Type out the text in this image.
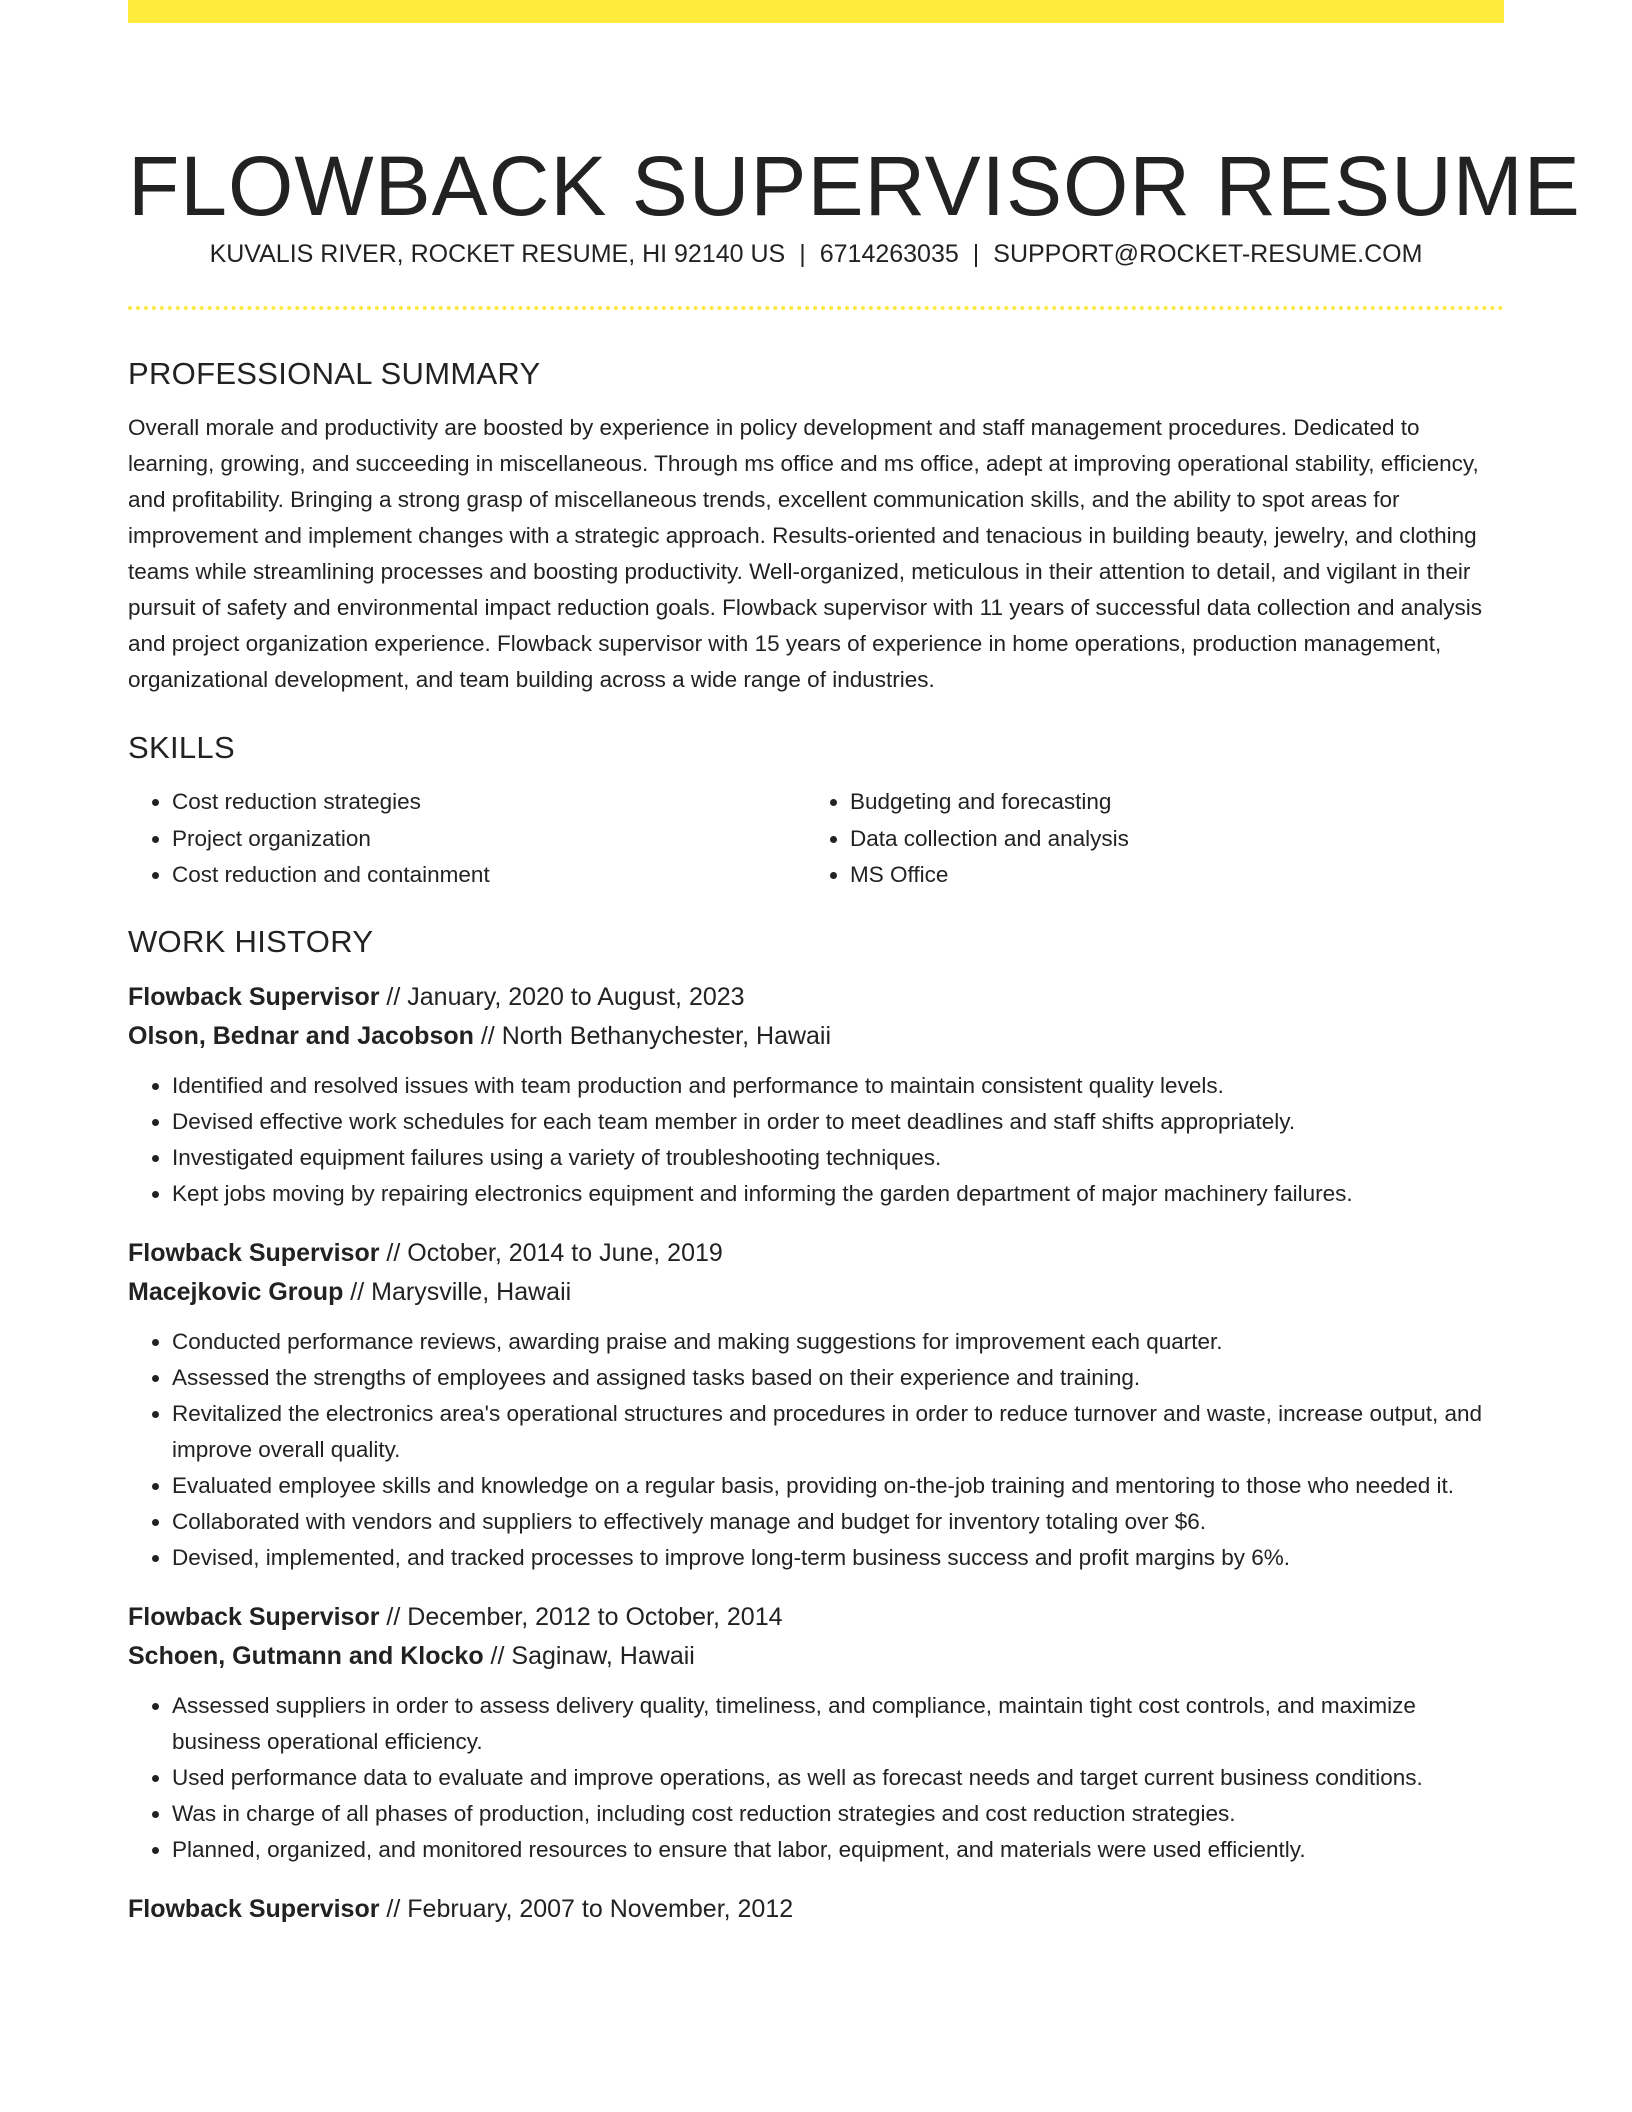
FLOWBACK SUPERVISOR RESUME
KUVALIS RIVER, ROCKET RESUME, HI 92140 US | 6714263035 | SUPPORT@ROCKET-RESUME.COM
PROFESSIONAL SUMMARY

Overall morale and productivity are boosted by experience in policy development and staff management procedures. Dedicated to learning, growing, and succeeding in miscellaneous. Through ms office and ms office, adept at improving operational stability, efficiency, and profitability. Bringing a strong grasp of miscellaneous trends, excellent communication skills, and the ability to spot areas for improvement and implement changes with a strategic approach. Results-oriented and tenacious in building beauty, jewelry, and clothing teams while streamlining processes and boosting productivity. Well-organized, meticulous in their attention to detail, and vigilant in their pursuit of safety and environmental impact reduction goals. Flowback supervisor with 11 years of successful data collection and analysis and project organization experience. Flowback supervisor with 15 years of experience in home operations, production management, organizational development, and team building across a wide range of industries.

SKILLS
• Cost reduction strategies
• Project organization
• Cost reduction and containment
• Budgeting and forecasting
• Data collection and analysis
• MS Office
WORK HISTORY
Flowback Supervisor // January, 2020 to August, 2023
Olson, Bednar and Jacobson // North Bethanychester, Hawaii
• Identified and resolved issues with team production and performance to maintain consistent quality levels.
• Devised effective work schedules for each team member in order to meet deadlines and staff shifts appropriately.
• Investigated equipment failures using a variety of troubleshooting techniques.
• Kept jobs moving by repairing electronics equipment and informing the garden department of major machinery failures.
Flowback Supervisor // October, 2014 to June, 2019
Macejkovic Group // Marysville, Hawaii
• Conducted performance reviews, awarding praise and making suggestions for improvement each quarter.
• Assessed the strengths of employees and assigned tasks based on their experience and training.
• Revitalized the electronics area's operational structures and procedures in order to reduce turnover and waste, increase output, and improve overall quality.
• Evaluated employee skills and knowledge on a regular basis, providing on-the-job training and mentoring to those who needed it.
• Collaborated with vendors and suppliers to effectively manage and budget for inventory totaling over $6.
• Devised, implemented, and tracked processes to improve long-term business success and profit margins by 6%.
Flowback Supervisor // December, 2012 to October, 2014
Schoen, Gutmann and Klocko // Saginaw, Hawaii
• Assessed suppliers in order to assess delivery quality, timeliness, and compliance, maintain tight cost controls, and maximize business operational efficiency.
• Used performance data to evaluate and improve operations, as well as forecast needs and target current business conditions.
• Was in charge of all phases of production, including cost reduction strategies and cost reduction strategies.
• Planned, organized, and monitored resources to ensure that labor, equipment, and materials were used efficiently.
Flowback Supervisor // February, 2007 to November, 2012
